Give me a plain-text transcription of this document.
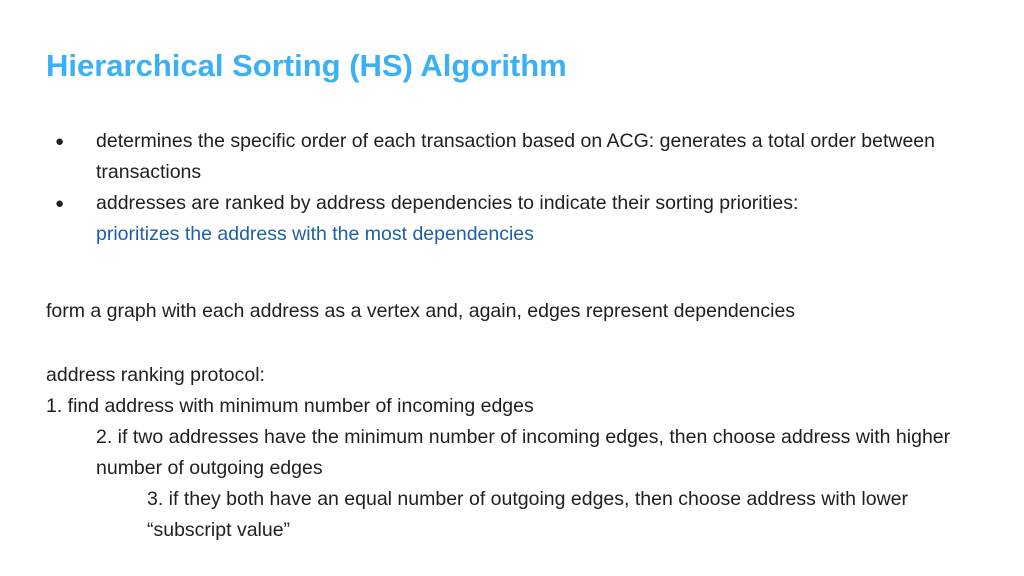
Hierarchical Sorting (HS) Algorithm
● determines the specific order of each transaction based on ACG: generates a total order between transactions
● addresses are ranked by address dependencies to indicate their sorting priorities:
prioritizes the address with the most dependencies
form a graph with each address as a vertex and, again, edges represent dependencies
address ranking protocol:
1. find address with minimum number of incoming edges
2. if two addresses have the minimum number of incoming edges, then choose address with higher number of outgoing edges
3. if they both have an equal number of outgoing edges, then choose address with lower “subscript value”
